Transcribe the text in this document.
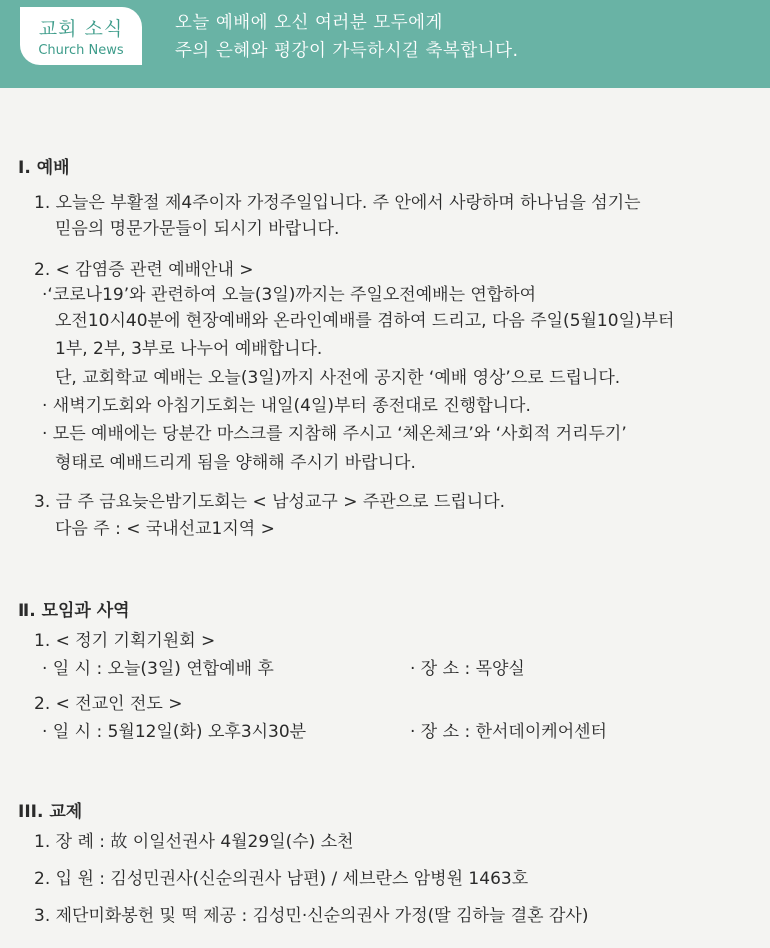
교회 소식
Church News
오늘 예배에 오신 여러분 모두에게
주의 은혜와 평강이 가득하시길 축복합니다.
Ⅰ. 예배
1. 오늘은 부활절 제4주이자 가정주일입니다. 주 안에서 사랑하며 하나님을 섬기는
믿음의 명문가문들이 되시기 바랍니다.
2. < 감염증 관련 예배안내 >
·‘코로나19’와 관련하여 오늘(3일)까지는 주일오전예배는 연합하여
오전10시40분에 현장예배와 온라인예배를 겸하여 드리고, 다음 주일(5월10일)부터
1부, 2부, 3부로 나누어 예배합니다.
단, 교회학교 예배는 오늘(3일)까지 사전에 공지한 ‘예배 영상’으로 드립니다.
· 새벽기도회와 아침기도회는 내일(4일)부터 종전대로 진행합니다.
· 모든 예배에는 당분간 마스크를 지참해 주시고 ‘체온체크’와 ‘사회적 거리두기’
형태로 예배드리게 됨을 양해해 주시기 바랍니다.
3. 금 주 금요늦은밤기도회는 < 남성교구 > 주관으로 드립니다.
다음 주 : < 국내선교1지역 >
Ⅱ. 모임과 사역
1. < 정기 기획기원회 >
· 일 시 : 오늘(3일) 연합예배 후	· 장 소 : 목양실
2. < 전교인 전도 >
· 일 시 : 5월12일(화) 오후3시30분	· 장 소 : 한서데이케어센터
III. 교제
1. 장 례 : 故 이일선권사 4월29일(수) 소천
2. 입 원 : 김성민권사(신순의권사 남편) / 세브란스 암병원 1463호
3. 제단미화봉헌 및 떡 제공 : 김성민·신순의권사 가정(딸 김하늘 결혼 감사)
